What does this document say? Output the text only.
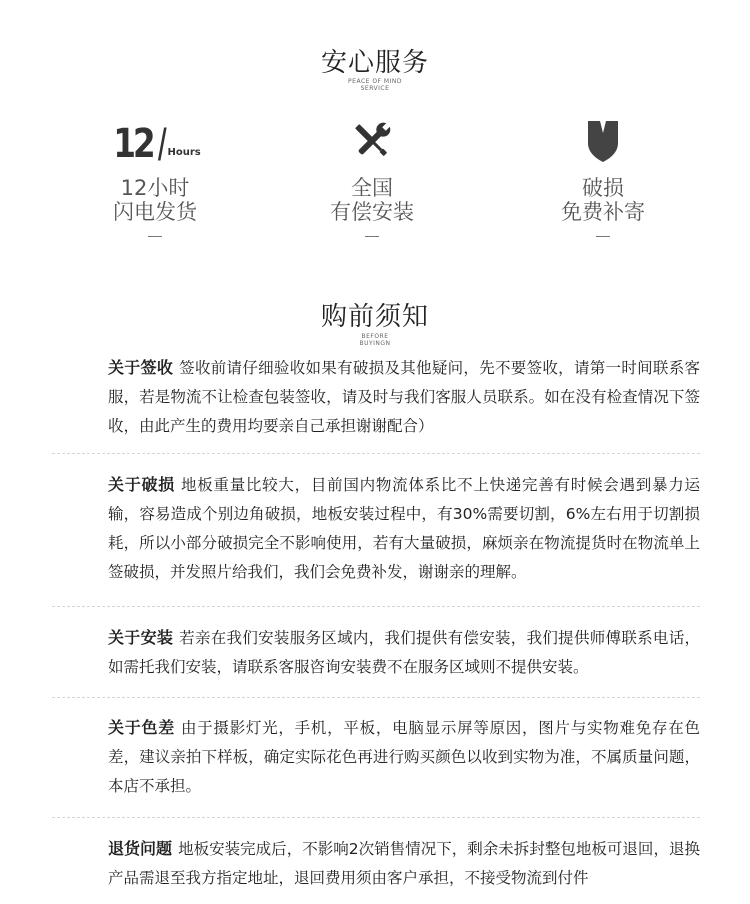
安心服务
PEACE OF MIND
SERVICE
12 / Hours
12小时
闪电发货
全国
有偿安装
破损
免费补寄
购前须知
BEFORE
BUYINGN
关于签收 签收前请仔细验收如果有破损及其他疑问，先不要签收，请第一时间联系客服，若是物流不让检查包装签收，请及时与我们客服人员联系。如在没有检查情况下签收，由此产生的费用均要亲自己承担谢谢配合）
关于破损 地板重量比较大，目前国内物流体系比不上快递完善有时候会遇到暴力运输，容易造成个别边角破损，地板安装过程中，有30%需要切割，6%左右用于切割损耗，所以小部分破损完全不影响使用，若有大量破损，麻烦亲在物流提货时在物流单上签破损，并发照片给我们，我们会免费补发，谢谢亲的理解。
关于安装 若亲在我们安装服务区域内，我们提供有偿安装，我们提供师傅联系电话，如需托我们安装，请联系客服咨询安装费不在服务区域则不提供安装。
关于色差 由于摄影灯光，手机，平板，电脑显示屏等原因，图片与实物难免存在色差，建议亲拍下样板，确定实际花色再进行购买颜色以收到实物为准，不属质量问题，本店不承担。
退货问题 地板安装完成后，不影响2次销售情况下，剩余未拆封整包地板可退回，退换产品需退至我方指定地址，退回费用须由客户承担，不接受物流到付件
